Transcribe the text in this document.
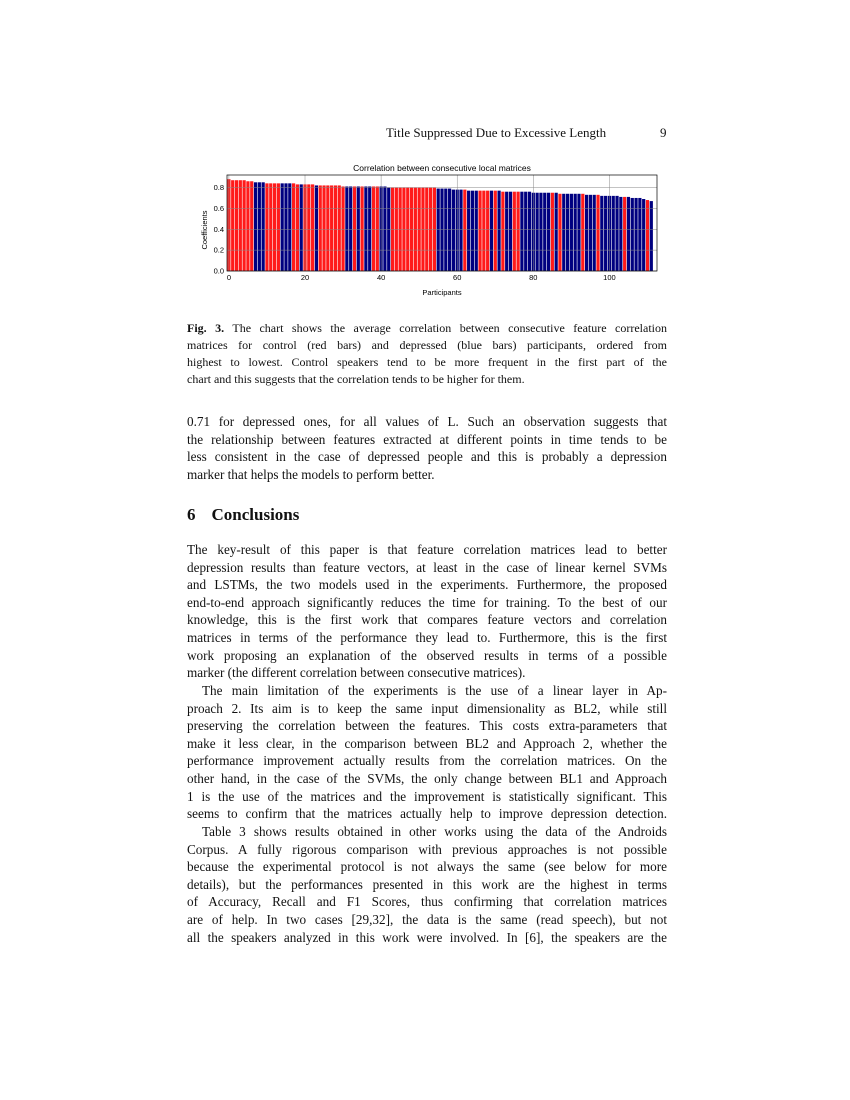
Title Suppressed Due to Excessive Length	9
Correlation between consecutive local matrices
0	20	40	60	80	100
0.0
0.2
0.4
0.6
0.8
Participants
Coefficients
Fig. 3. The chart shows the average correlation between consecutive feature correlation
matrices for control (red bars) and depressed (blue bars) participants, ordered from
highest to lowest. Control speakers tend to be more frequent in the first part of the
chart and this suggests that the correlation tends to be higher for them.
0.71 for depressed ones, for all values of L. Such an observation suggests that
the relationship between features extracted at different points in time tends to be
less consistent in the case of depressed people and this is probably a depression
marker that helps the models to perform better.
6 Conclusions
The key-result of this paper is that feature correlation matrices lead to better
depression results than feature vectors, at least in the case of linear kernel SVMs
and LSTMs, the two models used in the experiments. Furthermore, the proposed
end-to-end approach significantly reduces the time for training. To the best of our
knowledge, this is the first work that compares feature vectors and correlation
matrices in terms of the performance they lead to. Furthermore, this is the first
work proposing an explanation of the observed results in terms of a possible
marker (the different correlation between consecutive matrices).
The main limitation of the experiments is the use of a linear layer in Ap-
proach 2. Its aim is to keep the same input dimensionality as BL2, while still
preserving the correlation between the features. This costs extra-parameters that
make it less clear, in the comparison between BL2 and Approach 2, whether the
performance improvement actually results from the correlation matrices. On the
other hand, in the case of the SVMs, the only change between BL1 and Approach
1 is the use of the matrices and the improvement is statistically significant. This
seems to confirm that the matrices actually help to improve depression detection.
Table 3 shows results obtained in other works using the data of the Androids
Corpus. A fully rigorous comparison with previous approaches is not possible
because the experimental protocol is not always the same (see below for more
details), but the performances presented in this work are the highest in terms
of Accuracy, Recall and F1 Scores, thus confirming that correlation matrices
are of help. In two cases [29,32], the data is the same (read speech), but not
all the speakers analyzed in this work were involved. In [6], the speakers are the
